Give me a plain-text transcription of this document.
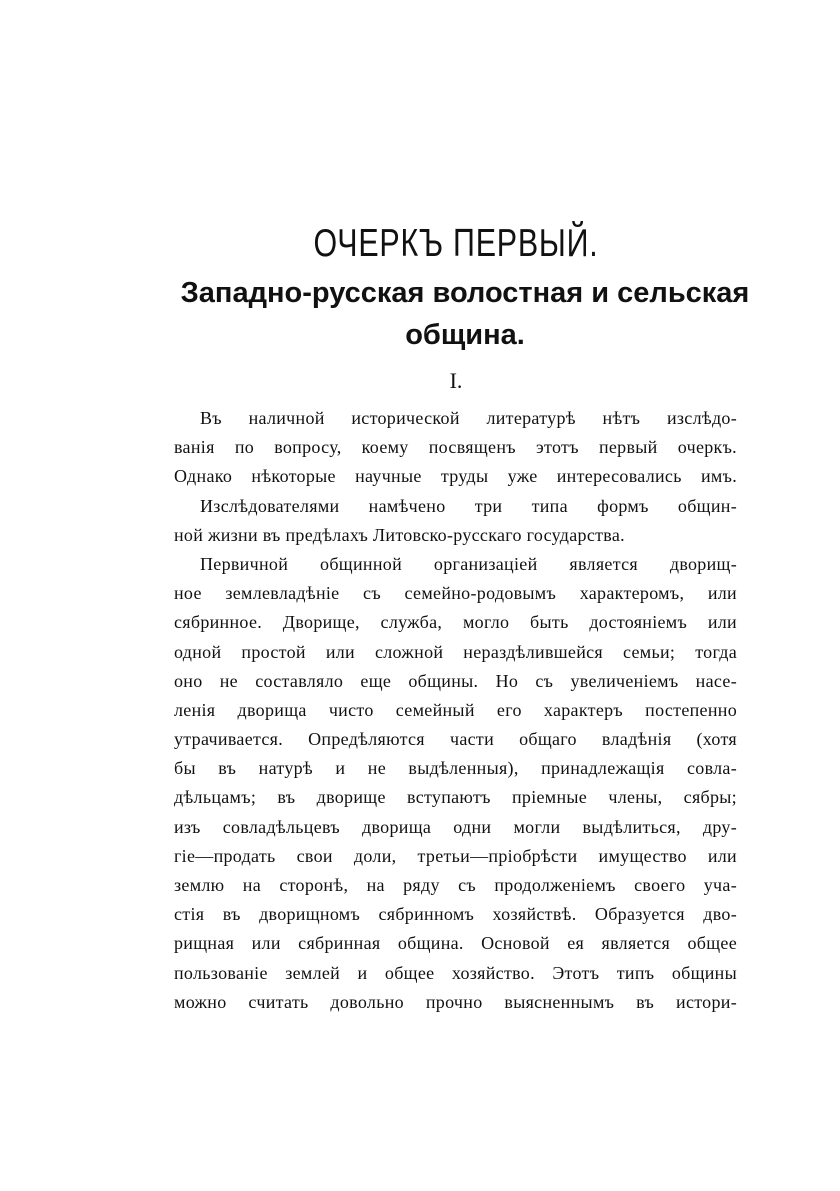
ОЧЕРКЪ ПЕРВЫЙ.
Западно-русская волостная и сельская
община.
I.
Въ наличной исторической литературѣ нѣтъ изслѣдо-
ванія по вопросу, коему посвященъ этотъ первый очеркъ.
Однако нѣкоторые научные труды уже интересовались имъ.
Изслѣдователями намѣчено три типа формъ общин-
ной жизни въ предѣлахъ Литовско-русскаго государства.
Первичной общинной организаціей является дворищ-
ное землевладѣніе съ семейно-родовымъ характеромъ, или
сябринное. Дворище, служба, могло быть достояніемъ или
одной простой или сложной нераздѣлившейся семьи; тогда
оно не составляло еще общины. Но съ увеличеніемъ насе-
ленія дворища чисто семейный его характеръ постепенно
утрачивается. Опредѣляются части общаго владѣнія (хотя
бы въ натурѣ и не выдѣленныя), принадлежащія совла-
дѣльцамъ; въ дворище вступаютъ пріемные члены, сябры;
изъ совладѣльцевъ дворища одни могли выдѣлиться, дру-
гіе—продать свои доли, третьи—пріобрѣсти имущество или
землю на сторонѣ, на ряду съ продолженіемъ своего уча-
стія въ дворищномъ сябринномъ хозяйствѣ. Образуется дво-
рищная или сябринная община. Основой ея является общее
пользованіе землей и общее хозяйство. Этотъ типъ общины
можно считать довольно прочно выясненнымъ въ истори-
